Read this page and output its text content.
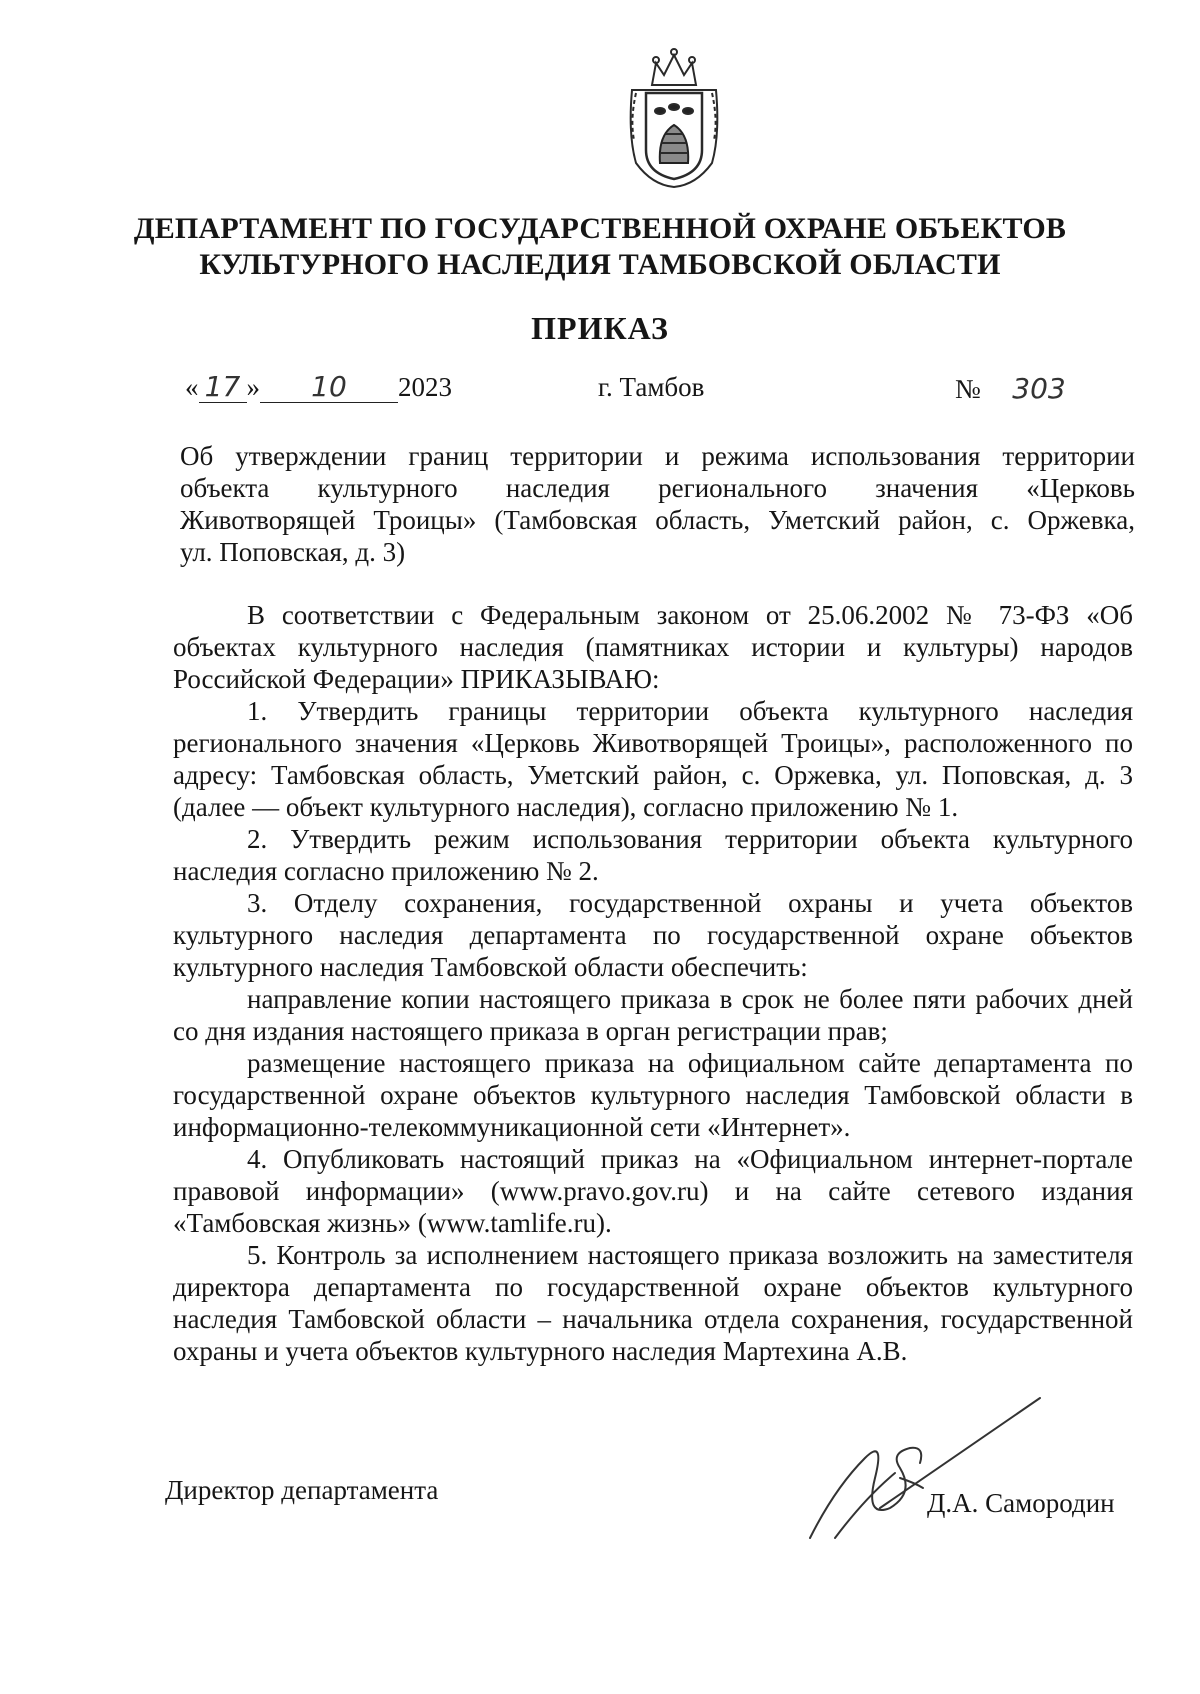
ДЕПАРТАМЕНТ ПО ГОСУДАРСТВЕННОЙ ОХРАНЕ ОБЪЕКТОВ
КУЛЬТУРНОГО НАСЛЕДИЯ ТАМБОВСКОЙ ОБЛАСТИ
ПРИКАЗ
« 17 » 10 2023	г. Тамбов	№ 303
Об утверждении границ территории и режима использования территории
объекта культурного наследия регионального значения «Церковь
Животворящей Троицы» (Тамбовская область, Уметский район, с. Оржевка,
ул. Поповская, д. 3)

В соответствии с Федеральным законом от 25.06.2002 № 73-ФЗ «Об объектах культурного наследия (памятниках истории и культуры) народов Российской Федерации» ПРИКАЗЫВАЮ:

1. Утвердить границы территории объекта культурного наследия регионального значения «Церковь Животворящей Троицы», расположенного по адресу: Тамбовская область, Уметский район, с. Оржевка, ул. Поповская, д. 3 (далее — объект культурного наследия), согласно приложению № 1.

2. Утвердить режим использования территории объекта культурного наследия согласно приложению № 2.

3. Отделу сохранения, государственной охраны и учета объектов культурного наследия департамента по государственной охране объектов культурного наследия Тамбовской области обеспечить:

направление копии настоящего приказа в срок не более пяти рабочих дней со дня издания настоящего приказа в орган регистрации прав;

размещение настоящего приказа на официальном сайте департамента по государственной охране объектов культурного наследия Тамбовской области в информационно-телекоммуникационной сети «Интернет».

4. Опубликовать настоящий приказ на «Официальном интернет-портале правовой информации» (www.pravo.gov.ru) и на сайте сетевого издания «Тамбовская жизнь» (www.tamlife.ru).

5. Контроль за исполнением настоящего приказа возложить на заместителя директора департамента по государственной охране объектов культурного наследия Тамбовской области – начальника отдела сохранения, государственной охраны и учета объектов культурного наследия Мартехина А.В.

Директор департамента	Д.А. Самородин
